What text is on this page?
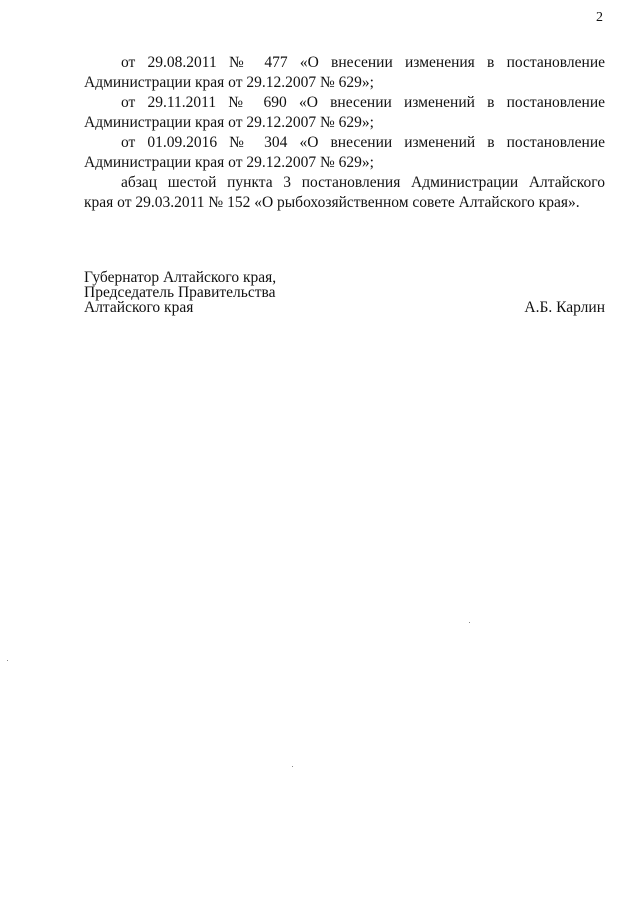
2

от 29.08.2011 № 477 «О внесении изменения в постановление
Администрации края от 29.12.2007 № 629»;

от 29.11.2011 № 690 «О внесении изменений в постановление
Администрации края от 29.12.2007 № 629»;

от 01.09.2016 № 304 «О внесении изменений в постановление
Администрации края от 29.12.2007 № 629»;

абзац шестой пункта 3 постановления Администрации Алтайского
края от 29.03.2011 № 152 «О рыбохозяйственном совете Алтайского края».

Губернатор Алтайского края,
Председатель Правительства
Алтайского края	А.Б. Карлин
